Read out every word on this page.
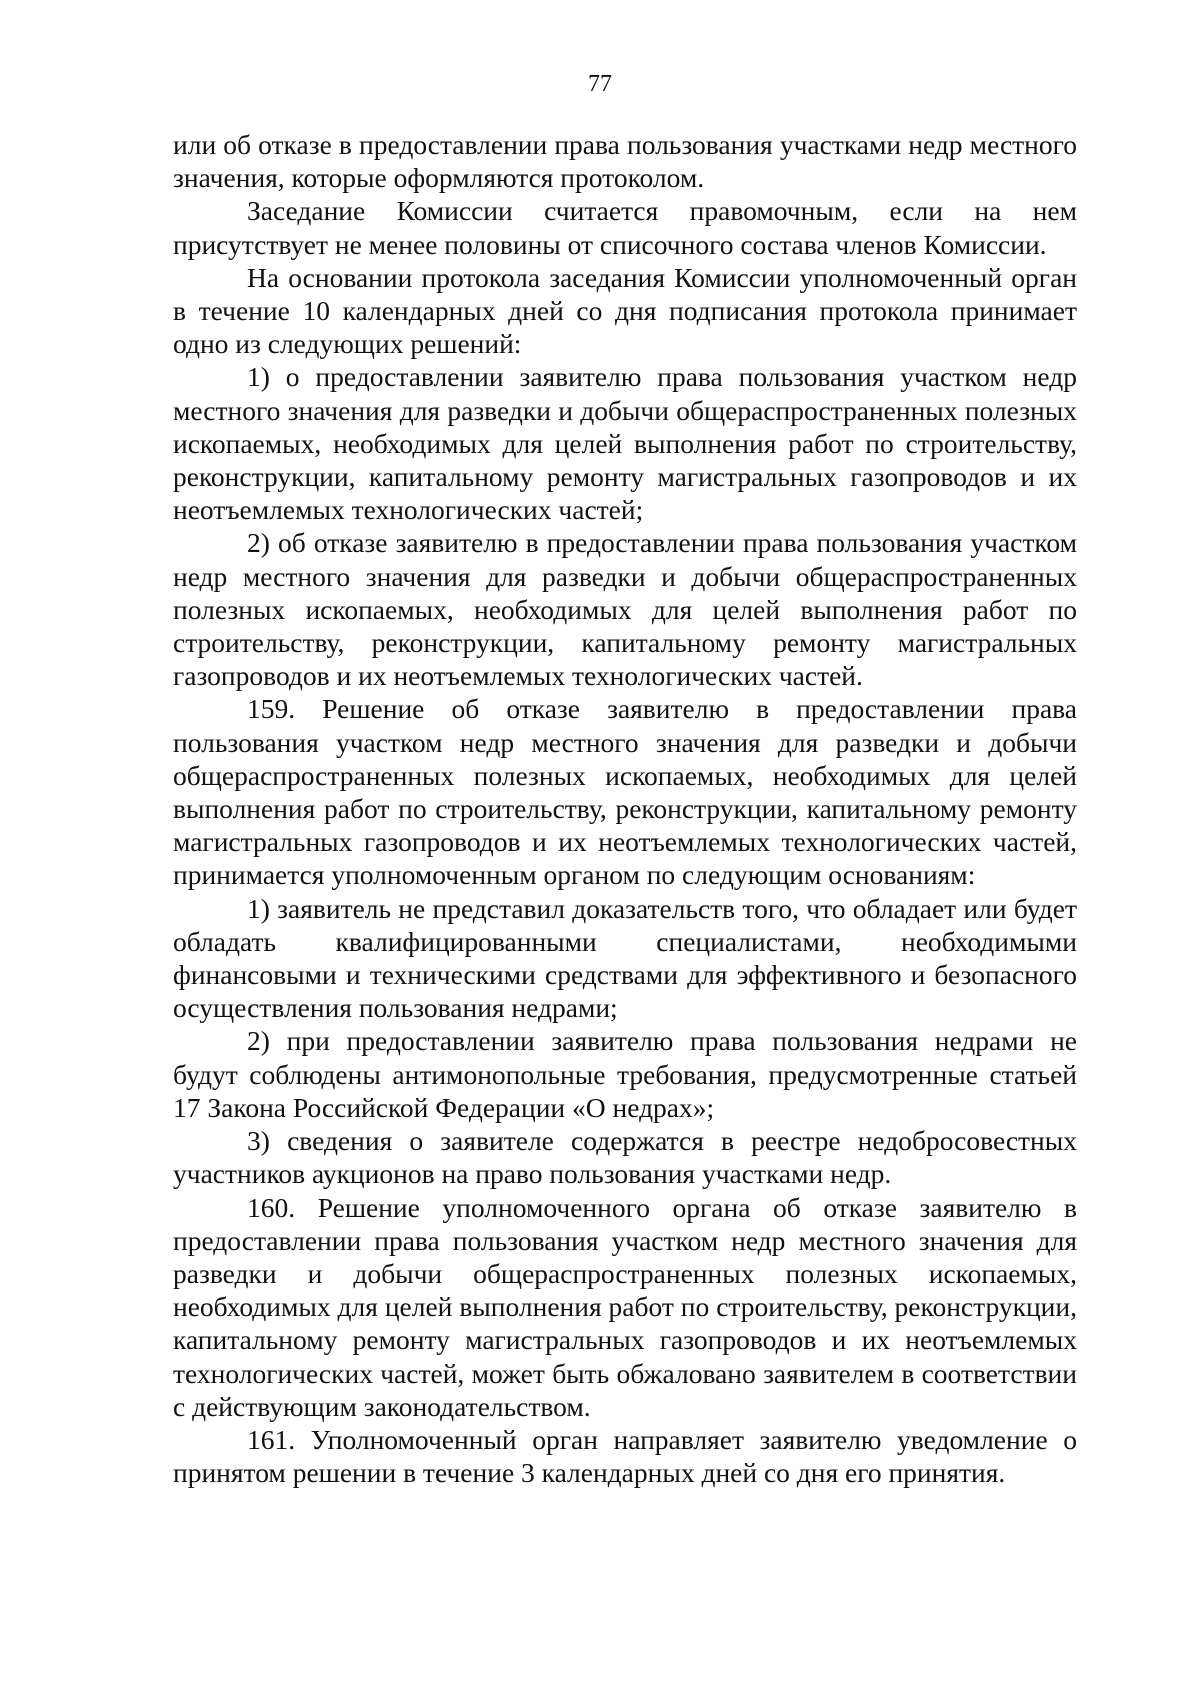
77

или об отказе в предоставлении права пользования участками недр местного значения, которые оформляются протоколом.

Заседание Комиссии считается правомочным, если на нем присутствует не менее половины от списочного состава членов Комиссии.

На основании протокола заседания Комиссии уполномоченный орган в течение 10 календарных дней со дня подписания протокола принимает одно из следующих решений:

1) о предоставлении заявителю права пользования участком недр местного значения для разведки и добычи общераспространенных полезных ископаемых, необходимых для целей выполнения работ по строительству, реконструкции, капитальному ремонту магистральных газопроводов и их неотъемлемых технологических частей;

2) об отказе заявителю в предоставлении права пользования участком недр местного значения для разведки и добычи общераспространенных полезных ископаемых, необходимых для целей выполнения работ по строительству, реконструкции, капитальному ремонту магистральных газопроводов и их неотъемлемых технологических частей.

159. Решение об отказе заявителю в предоставлении права пользования участком недр местного значения для разведки и добычи общераспространенных полезных ископаемых, необходимых для целей выполнения работ по строительству, реконструкции, капитальному ремонту магистральных газопроводов и их неотъемлемых технологических частей, принимается уполномоченным органом по следующим основаниям:

1) заявитель не представил доказательств того, что обладает или будет обладать квалифицированными специалистами, необходимыми финансовыми и техническими средствами для эффективного и безопасного осуществления пользования недрами;

2) при предоставлении заявителю права пользования недрами не будут соблюдены антимонопольные требования, предусмотренные статьей 17 Закона Российской Федерации «О недрах»;

3) сведения о заявителе содержатся в реестре недобросовестных участников аукционов на право пользования участками недр.

160. Решение уполномоченного органа об отказе заявителю в предоставлении права пользования участком недр местного значения для разведки и добычи общераспространенных полезных ископаемых, необходимых для целей выполнения работ по строительству, реконструкции, капитальному ремонту магистральных газопроводов и их неотъемлемых технологических частей, может быть обжаловано заявителем в соответствии с действующим законодательством.

161. Уполномоченный орган направляет заявителю уведомление о принятом решении в течение 3 календарных дней со дня его принятия.
